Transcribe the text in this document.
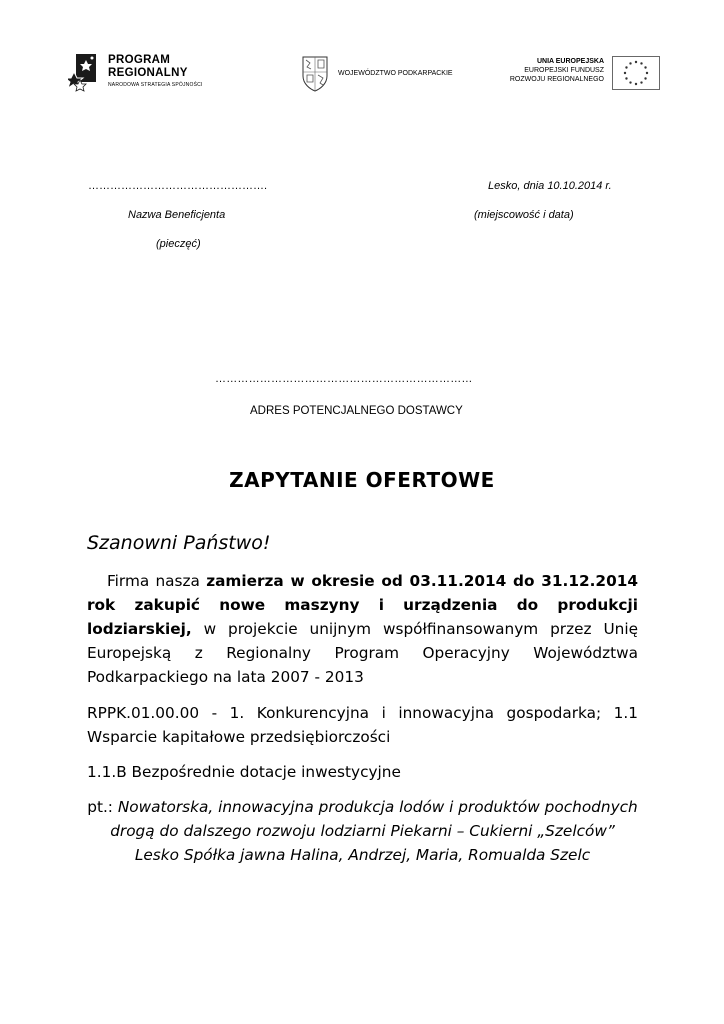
PROGRAM
REGIONALNY
NARODOWA STRATEGIA SPÓJNOŚCI
WOJEWÓDZTWO PODKARPACKIE
UNIA EUROPEJSKA
EUROPEJSKI FUNDUSZ
ROZWOJU REGIONALNEGO
………………………………………….	Lesko, dnia 10.10.2014 r.
Nazwa Beneficjenta	(miejscowość i data)
(pieczęć)
……………………………………………………………
ADRES POTENCJALNEGO DOSTAWCY
ZAPYTANIE OFERTOWE
Szanowni Państwo!
Firma nasza zamierza w okresie od 03.11.2014 do 31.12.2014 rok zakupić nowe maszyny i urządzenia do produkcji lodziarskiej, w projekcie unijnym współfinansowanym przez Unię Europejską z Regionalny Program Operacyjny Województwa Podkarpackiego na lata 2007 - 2013
RPPK.01.00.00 - 1. Konkurencyjna i innowacyjna gospodarka; 1.1 Wsparcie kapitałowe przedsiębiorczości
1.1.B Bezpośrednie dotacje inwestycyjne
pt.: Nowatorska, innowacyjna produkcja lodów i produktów pochodnych drogą do dalszego rozwoju lodziarni Piekarni – Cukierni „Szelców” Lesko Spółka jawna Halina, Andrzej, Maria, Romualda Szelc
